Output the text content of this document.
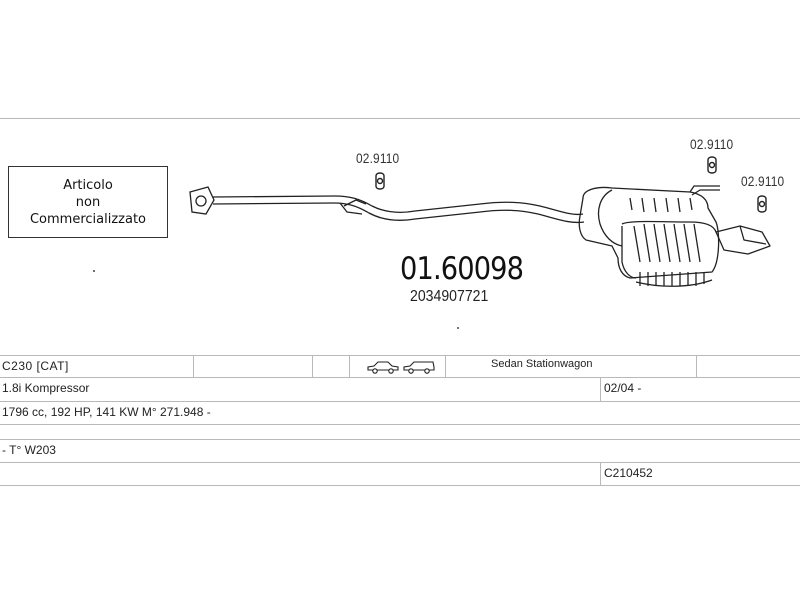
Articolo
non
Commercializzato
02.9110
02.9110
02.9110
01.60098
2034907721
C230 [CAT]	Sedan Stationwagon
1.8i Kompressor	02/04 -
1796 cc, 192 HP, 141 KW M° 271.948 -
- T° W203
C210452
